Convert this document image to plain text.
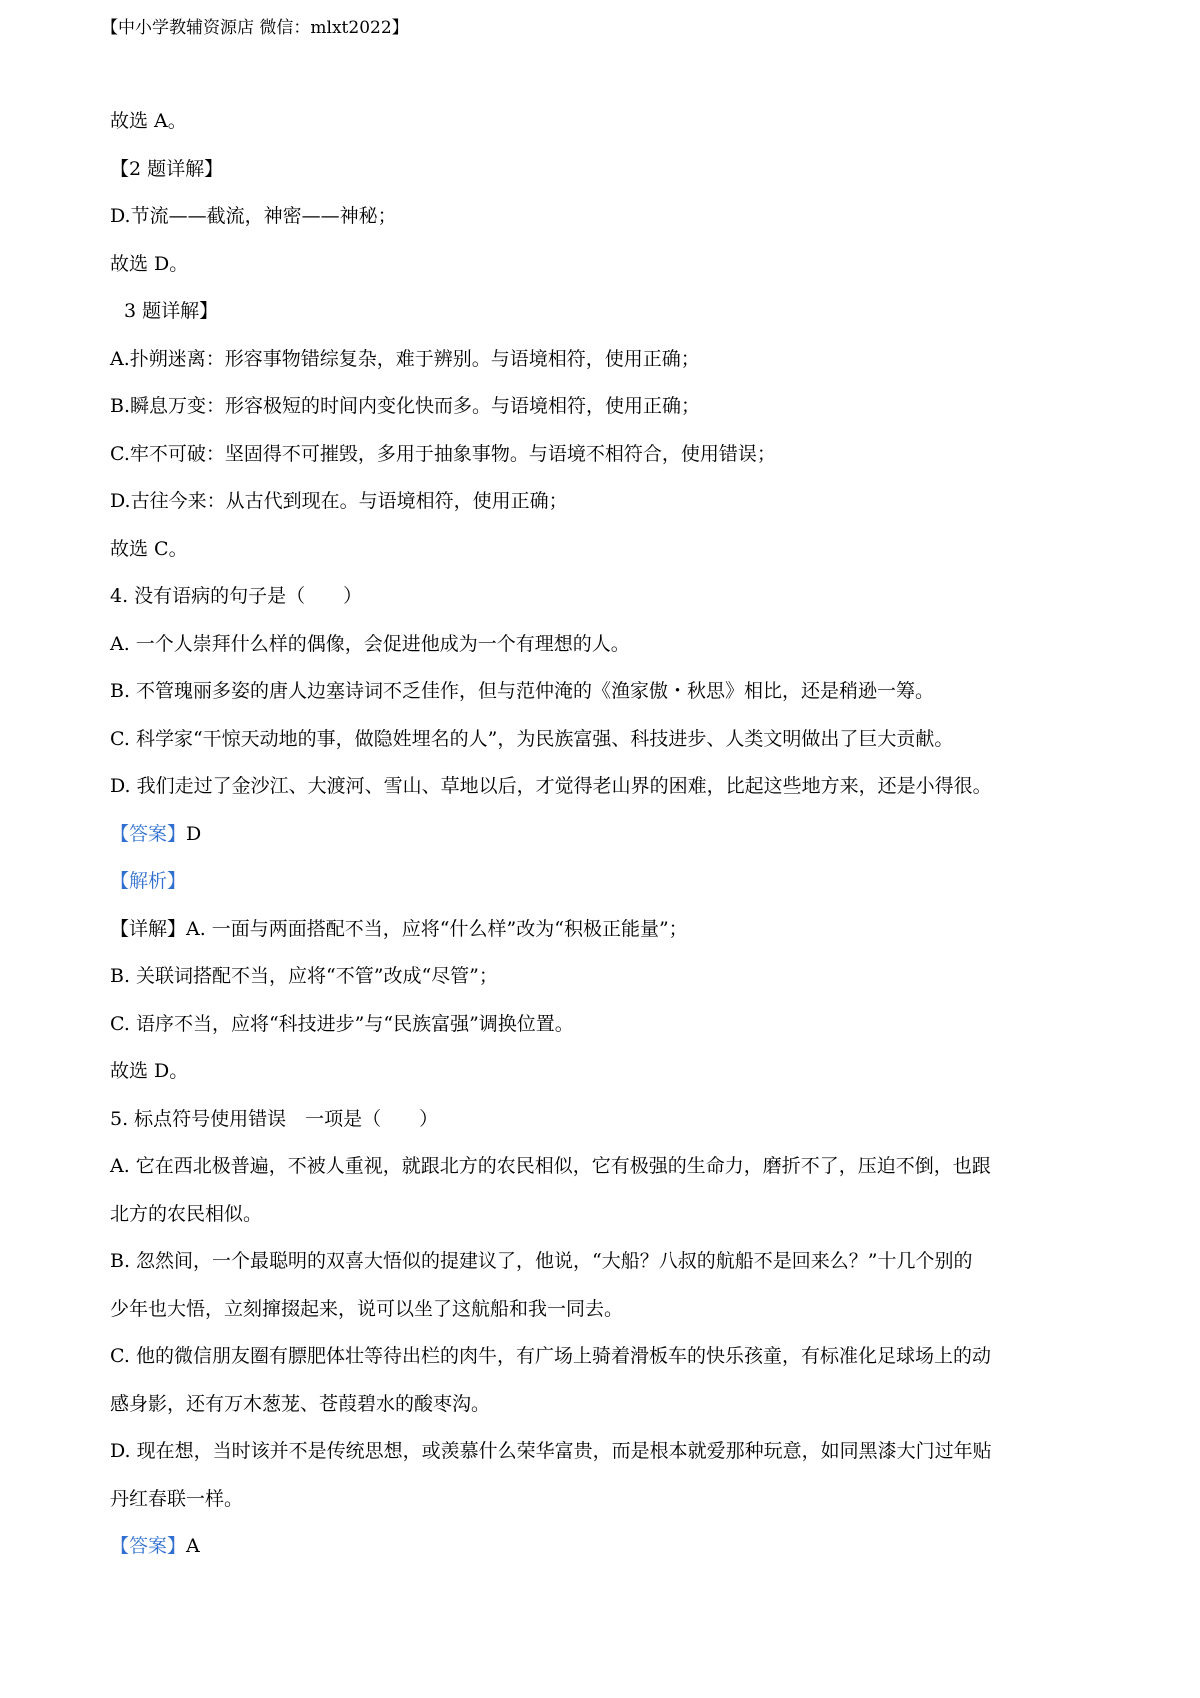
【中小学教辅资源店 微信：mlxt2022】
故选 A。
【2 题详解】
D.节流——截流，神密——神秘；
故选 D。
3 题详解】
A.扑朔迷离：形容事物错综复杂，难于辨别。与语境相符，使用正确；
B.瞬息万变：形容极短的时间内变化快而多。与语境相符，使用正确；
C.牢不可破：坚固得不可摧毁，多用于抽象事物。与语境不相符合，使用错误；
D.古往今来：从古代到现在。与语境相符，使用正确；
故选 C。
4. 没有语病的句子是（　　）
A. 一个人崇拜什么样的偶像，会促进他成为一个有理想的人。
B. 不管瑰丽多姿的唐人边塞诗词不乏佳作，但与范仲淹的《渔家傲・秋思》相比，还是稍逊一筹。
C. 科学家“干惊天动地的事，做隐姓埋名的人”，为民族富强、科技进步、人类文明做出了巨大贡献。
D. 我们走过了金沙江、大渡河、雪山、草地以后，才觉得老山界的困难，比起这些地方来，还是小得很。
【答案】D
【解析】
【详解】A. 一面与两面搭配不当，应将“什么样”改为“积极正能量”；
B. 关联词搭配不当，应将“不管”改成“尽管”；
C. 语序不当，应将“科技进步”与“民族富强”调换位置。
故选 D。
5. 标点符号使用错误　一项是（　　）
A. 它在西北极普遍，不被人重视，就跟北方的农民相似，它有极强的生命力，磨折不了，压迫不倒，也跟
北方的农民相似。
B. 忽然间，一个最聪明的双喜大悟似的提建议了，他说，“大船？八叔的航船不是回来么？”十几个别的
少年也大悟，立刻撺掇起来，说可以坐了这航船和我一同去。
C. 他的微信朋友圈有膘肥体壮等待出栏的肉牛，有广场上骑着滑板车的快乐孩童，有标准化足球场上的动
感身影，还有万木葱茏、苍葭碧水的酸枣沟。
D. 现在想，当时该并不是传统思想，或羡慕什么荣华富贵，而是根本就爱那种玩意，如同黑漆大门过年贴
丹红春联一样。
【答案】A
